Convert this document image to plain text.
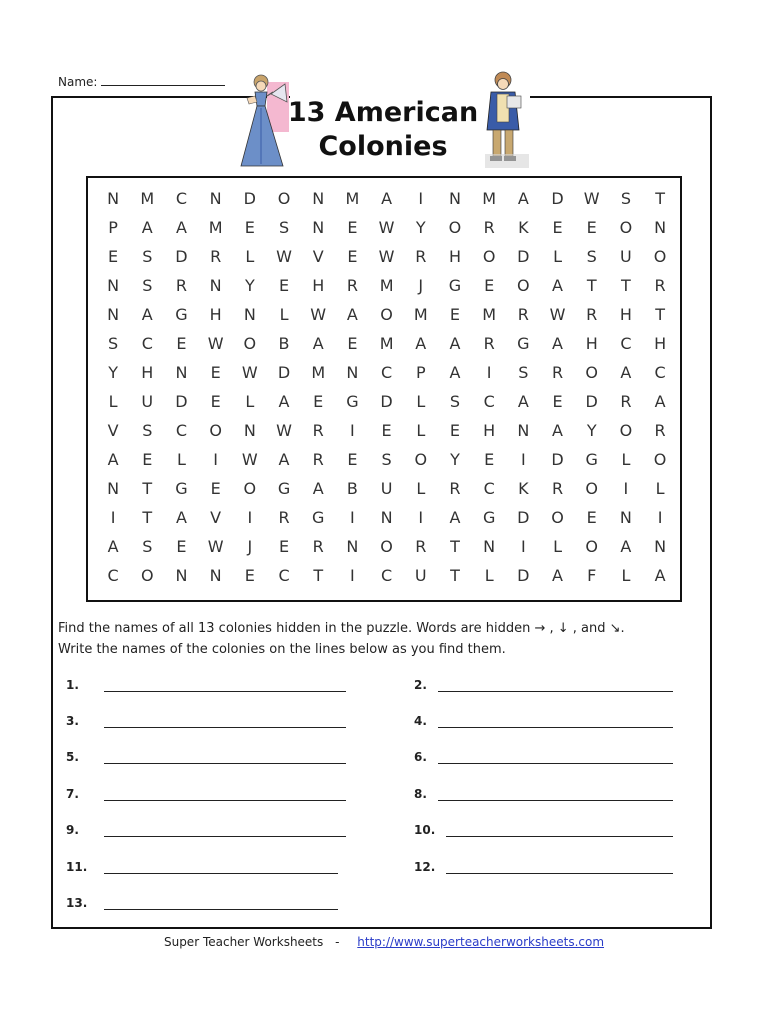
Name:
13 American
Colonies
N	M	C	N	D	O	N	M	A	I	N	M	A	D	W	S	T
P	A	A	M	E	S	N	E	W	Y	O	R	K	E	E	O	N
E	S	D	R	L	W	V	E	W	R	H	O	D	L	S	U	O
N	S	R	N	Y	E	H	R	M	J	G	E	O	A	T	T	R
N	A	G	H	N	L	W	A	O	M	E	M	R	W	R	H	T
S	C	E	W	O	B	A	E	M	A	A	R	G	A	H	C	H
Y	H	N	E	W	D	M	N	C	P	A	I	S	R	O	A	C
L	U	D	E	L	A	E	G	D	L	S	C	A	E	D	R	A
V	S	C	O	N	W	R	I	E	L	E	H	N	A	Y	O	R
A	E	L	I	W	A	R	E	S	O	Y	E	I	D	G	L	O
N	T	G	E	O	G	A	B	U	L	R	C	K	R	O	I	L
I	T	A	V	I	R	G	I	N	I	A	G	D	O	E	N	I
A	S	E	W	J	E	R	N	O	R	T	N	I	L	O	A	N
C	O	N	N	E	C	T	I	C	U	T	L	D	A	F	L	A
Find the names of all 13 colonies hidden in the puzzle. Words are hidden → , ↓ , and ↘.
Write the names of the colonies on the lines below as you find them.
1.	2.
3.	4.
5.	6.
7.	8.
9.	10.
11.	12.
13.
Super Teacher Worksheets - http://www.superteacherworksheets.com
